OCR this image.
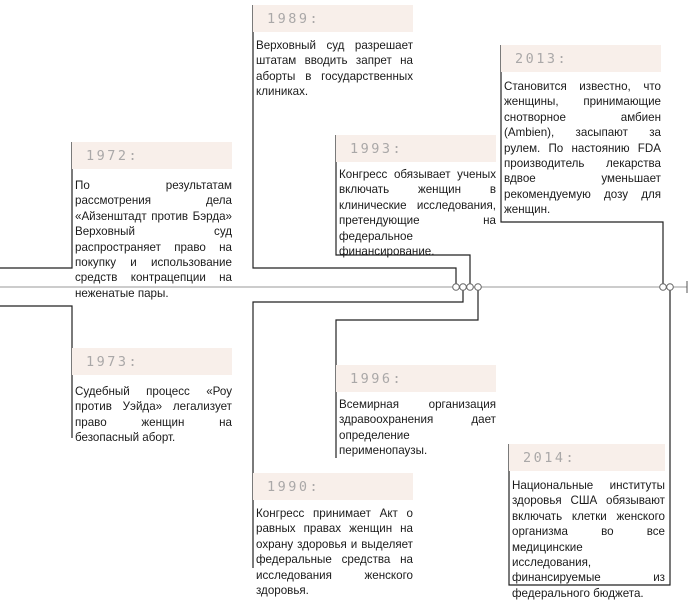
1972:
По результатам рассмотрения дела «Айзенштадт против Бэрда» Верховный суд распространяет право на покупку и использование средств контрацепции на неженатые пары.
1973:
Судебный процесс «Роу против Уэйда» легализует право женщин на безопасный аборт.
1989:
Верховный суд разрешает штатам вводить запрет на аборты в государственных клиниках.
1990:
Конгресс принимает Акт о равных правах женщин на охрану здоровья и выделяет федеральные средства на исследования женского здоровья.
1993:
Конгресс обязывает ученых включать женщин в клинические исследования, претендующие на федеральное финансирование.
1996:
Всемирная организация здравоохранения дает определение перименопаузы.
2013:
Становится известно, что женщины, принимающие снотворное амбиен (Ambien), засыпают за рулем. По настоянию FDA производитель лекарства вдвое уменьшает рекомендуемую дозу для женщин.
2014:
Национальные институты здоровья США обязывают включать клетки женского организма во все медицинские исследования, финансируемые из федерального бюджета.
